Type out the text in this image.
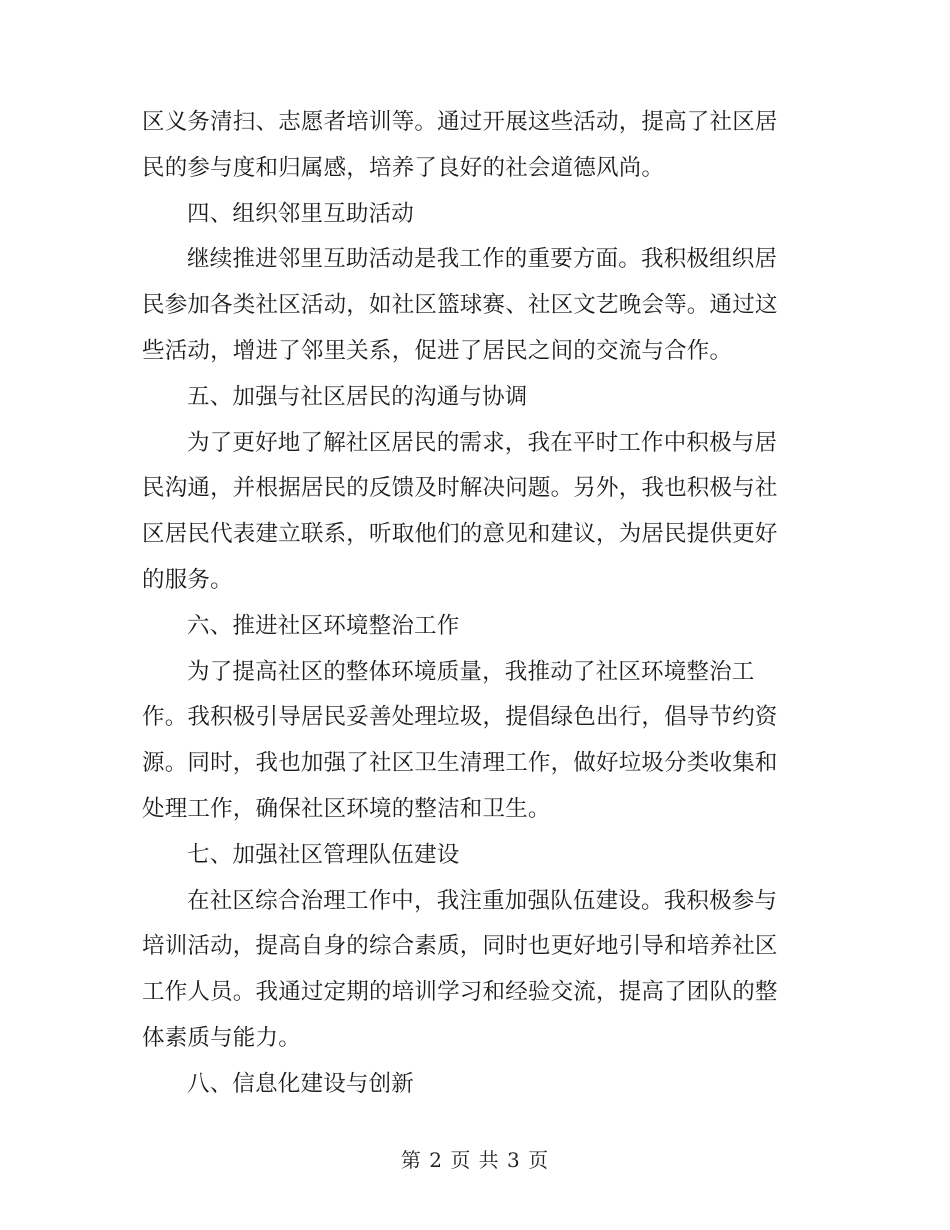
区义务清扫、志愿者培训等。通过开展这些活动，提高了社区居
民的参与度和归属感，培养了良好的社会道德风尚。
四、组织邻里互助活动
继续推进邻里互助活动是我工作的重要方面。我积极组织居
民参加各类社区活动，如社区篮球赛、社区文艺晚会等。通过这
些活动，增进了邻里关系，促进了居民之间的交流与合作。
五、加强与社区居民的沟通与协调
为了更好地了解社区居民的需求，我在平时工作中积极与居
民沟通，并根据居民的反馈及时解决问题。另外，我也积极与社
区居民代表建立联系，听取他们的意见和建议，为居民提供更好
的服务。
六、推进社区环境整治工作
为了提高社区的整体环境质量，我推动了社区环境整治工
作。我积极引导居民妥善处理垃圾，提倡绿色出行，倡导节约资
源。同时，我也加强了社区卫生清理工作，做好垃圾分类收集和
处理工作，确保社区环境的整洁和卫生。
七、加强社区管理队伍建设
在社区综合治理工作中，我注重加强队伍建设。我积极参与
培训活动，提高自身的综合素质，同时也更好地引导和培养社区
工作人员。我通过定期的培训学习和经验交流，提高了团队的整
体素质与能力。
八、信息化建设与创新
第 2 页 共 3 页
